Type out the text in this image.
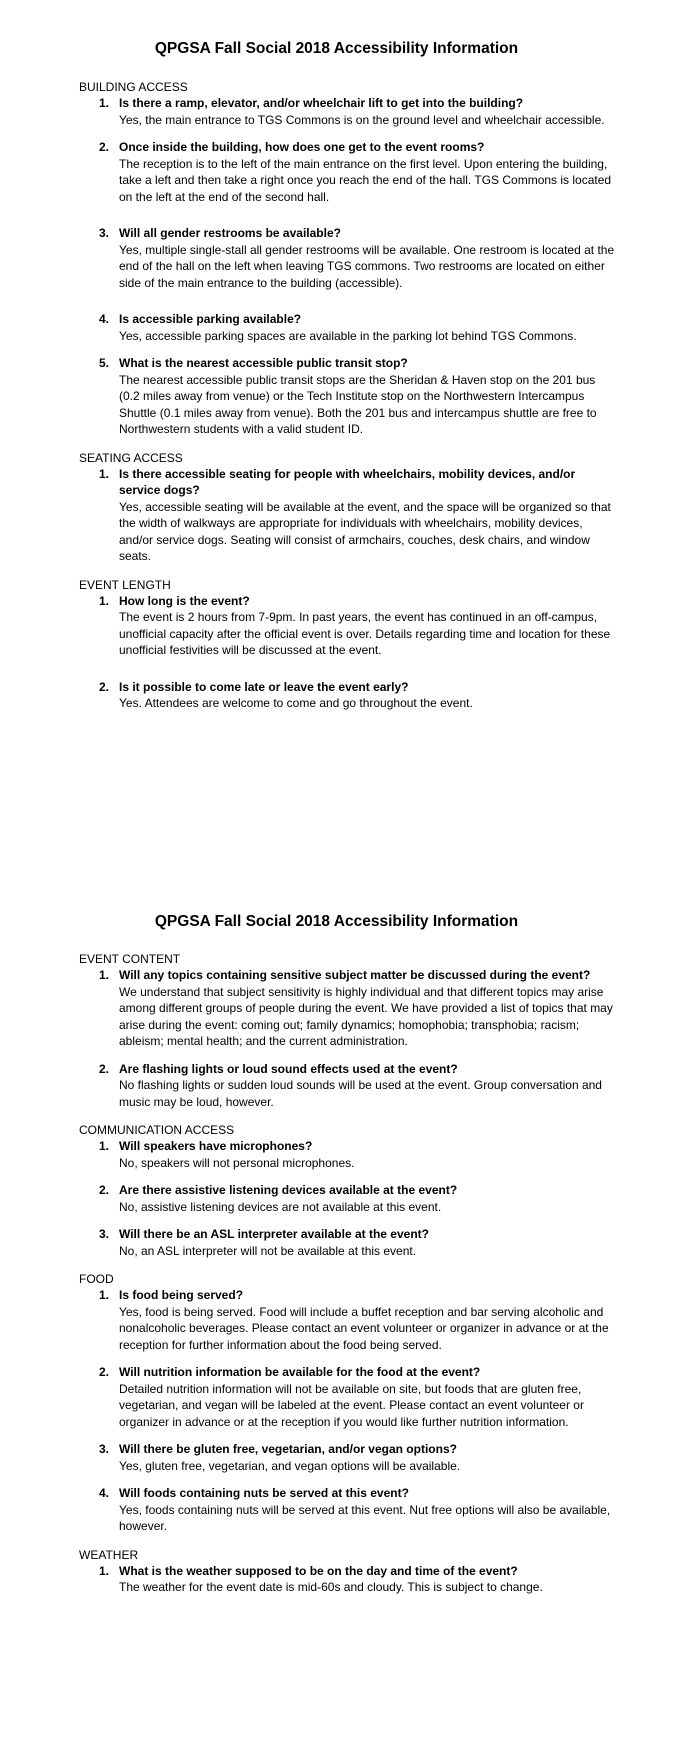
QPGSA Fall Social 2018 Accessibility Information

BUILDING ACCESS

1. Is there a ramp, elevator, and/or wheelchair lift to get into the building?

Yes, the main entrance to TGS Commons is on the ground level and wheelchair accessible.

2. Once inside the building, how does one get to the event rooms?

The reception is to the left of the main entrance on the first level. Upon entering the building, take a left and then take a right once you reach the end of the hall. TGS Commons is located on the left at the end of the second hall.

3. Will all gender restrooms be available?

Yes, multiple single-stall all gender restrooms will be available. One restroom is located at the end of the hall on the left when leaving TGS commons. Two restrooms are located on either side of the main entrance to the building (accessible).

4. Is accessible parking available?

Yes, accessible parking spaces are available in the parking lot behind TGS Commons.

5. What is the nearest accessible public transit stop?

The nearest accessible public transit stops are the Sheridan & Haven stop on the 201 bus (0.2 miles away from venue) or the Tech Institute stop on the Northwestern Intercampus Shuttle (0.1 miles away from venue). Both the 201 bus and intercampus shuttle are free to Northwestern students with a valid student ID.

SEATING ACCESS

1. Is there accessible seating for people with wheelchairs, mobility devices, and/or service dogs?

Yes, accessible seating will be available at the event, and the space will be organized so that the width of walkways are appropriate for individuals with wheelchairs, mobility devices, and/or service dogs. Seating will consist of armchairs, couches, desk chairs, and window seats.

EVENT LENGTH

1. How long is the event?

The event is 2 hours from 7-9pm. In past years, the event has continued in an off-campus, unofficial capacity after the official event is over. Details regarding time and location for these unofficial festivities will be discussed at the event.

2. Is it possible to come late or leave the event early?

Yes. Attendees are welcome to come and go throughout the event.

QPGSA Fall Social 2018 Accessibility Information

EVENT CONTENT

1. Will any topics containing sensitive subject matter be discussed during the event?

We understand that subject sensitivity is highly individual and that different topics may arise among different groups of people during the event. We have provided a list of topics that may arise during the event: coming out; family dynamics; homophobia; transphobia; racism; ableism; mental health; and the current administration.

2. Are flashing lights or loud sound effects used at the event?

No flashing lights or sudden loud sounds will be used at the event. Group conversation and music may be loud, however.

COMMUNICATION ACCESS

1. Will speakers have microphones?

No, speakers will not personal microphones.

2. Are there assistive listening devices available at the event?

No, assistive listening devices are not available at this event.

3. Will there be an ASL interpreter available at the event?

No, an ASL interpreter will not be available at this event.

FOOD

1. Is food being served?

Yes, food is being served. Food will include a buffet reception and bar serving alcoholic and nonalcoholic beverages. Please contact an event volunteer or organizer in advance or at the reception for further information about the food being served.

2. Will nutrition information be available for the food at the event?

Detailed nutrition information will not be available on site, but foods that are gluten free, vegetarian, and vegan will be labeled at the event. Please contact an event volunteer or organizer in advance or at the reception if you would like further nutrition information.

3. Will there be gluten free, vegetarian, and/or vegan options?

Yes, gluten free, vegetarian, and vegan options will be available.

4. Will foods containing nuts be served at this event?

Yes, foods containing nuts will be served at this event. Nut free options will also be available, however.

WEATHER

1. What is the weather supposed to be on the day and time of the event?

The weather for the event date is mid-60s and cloudy. This is subject to change.
